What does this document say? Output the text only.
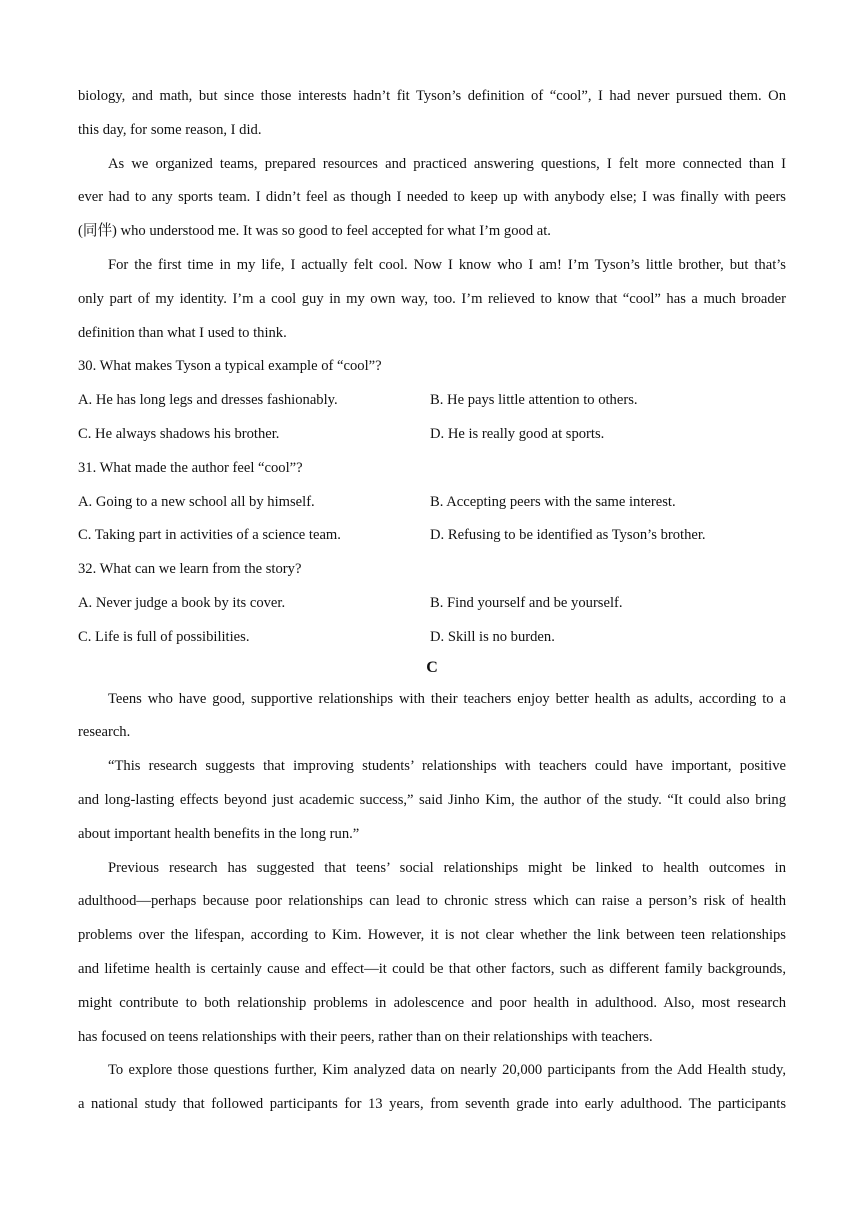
biology, and math, but since those interests hadn’t fit Tyson’s definition of “cool”, I had never pursued them. On
this day, for some reason, I did.
As we organized teams, prepared resources and practiced answering questions, I felt more connected than I
ever had to any sports team. I didn’t feel as though I needed to keep up with anybody else; I was finally with peers
(同伴) who understood me. It was so good to feel accepted for what I’m good at.
For the first time in my life, I actually felt cool. Now I know who I am! I’m Tyson’s little brother, but that’s
only part of my identity. I’m a cool guy in my own way, too. I’m relieved to know that “cool” has a much broader
definition than what I used to think.
30. What makes Tyson a typical example of “cool”?
A. He has long legs and dresses fashionably.	B. He pays little attention to others.
C. He always shadows his brother.	D. He is really good at sports.
31. What made the author feel “cool”?
A. Going to a new school all by himself.	B. Accepting peers with the same interest.
C. Taking part in activities of a science team.	D. Refusing to be identified as Tyson’s brother.
32. What can we learn from the story?
A. Never judge a book by its cover.	B. Find yourself and be yourself.
C. Life is full of possibilities.	D. Skill is no burden.
C
Teens who have good, supportive relationships with their teachers enjoy better health as adults, according to a
research.
“This research suggests that improving students’ relationships with teachers could have important, positive
and long-lasting effects beyond just academic success,” said Jinho Kim, the author of the study. “It could also bring
about important health benefits in the long run.”
Previous research has suggested that teens’ social relationships might be linked to health outcomes in
adulthood—perhaps because poor relationships can lead to chronic stress which can raise a person’s risk of health
problems over the lifespan, according to Kim. However, it is not clear whether the link between teen relationships
and lifetime health is certainly cause and effect—it could be that other factors, such as different family backgrounds,
might contribute to both relationship problems in adolescence and poor health in adulthood. Also, most research
has focused on teens relationships with their peers, rather than on their relationships with teachers.
To explore those questions further, Kim analyzed data on nearly 20,000 participants from the Add Health study,
a national study that followed participants for 13 years, from seventh grade into early adulthood. The participants
